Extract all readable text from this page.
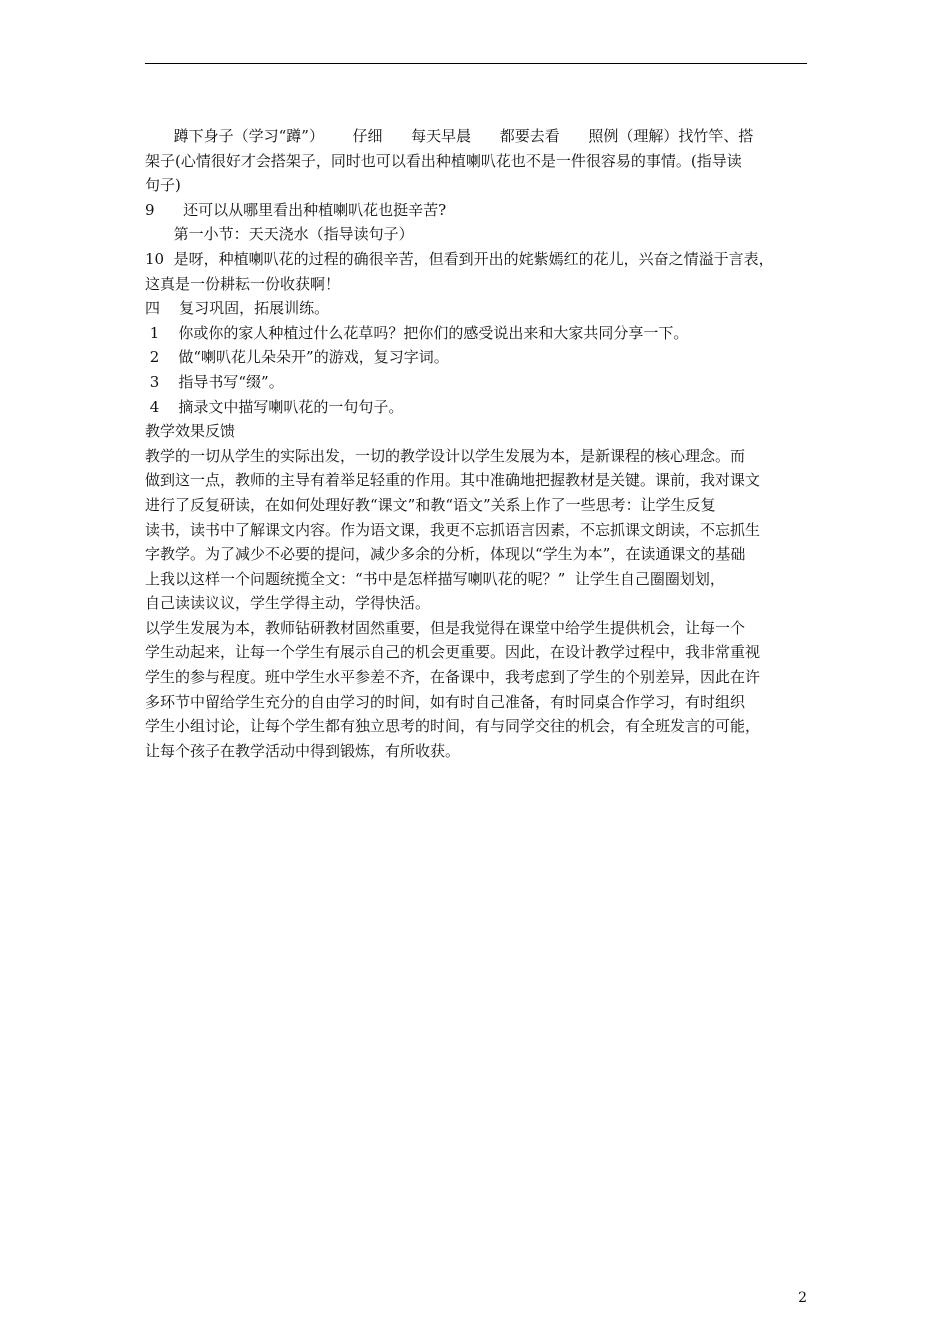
蹲下身子（学习“蹲”）      仔细      每天早晨      都要去看      照例（理解）找竹竿、搭
架子(心情很好才会搭架子，同时也可以看出种植喇叭花也不是一件很容易的事情。(指导读
句子)
9      还可以从哪里看出种植喇叭花也挺辛苦?
第一小节：天天浇水（指导读句子）
10  是呀，种植喇叭花的过程的确很辛苦，但看到开出的姹紫嫣红的花儿，兴奋之情溢于言表，
这真是一份耕耘一份收获啊！
四    复习巩固，拓展训练。
1    你或你的家人种植过什么花草吗？把你们的感受说出来和大家共同分享一下。
2    做“喇叭花儿朵朵开”的游戏，复习字词。
3    指导书写“缀”。
4    摘录文中描写喇叭花的一句句子。
教学效果反馈
教学的一切从学生的实际出发，一切的教学设计以学生发展为本，是新课程的核心理念。而
做到这一点，教师的主导有着举足轻重的作用。其中准确地把握教材是关键。课前，我对课文
进行了反复研读，在如何处理好教“课文”和教“语文”关系上作了一些思考：让学生反复
读书，读书中了解课文内容。作为语文课，我更不忘抓语言因素，不忘抓课文朗读，不忘抓生
字教学。为了减少不必要的提问，减少多余的分析，体现以“学生为本”，在读通课文的基础
上我以这样一个问题统揽全文：“书中是怎样描写喇叭花的呢？”  让学生自己圈圈划划，
自己读读议议，学生学得主动，学得快活。
以学生发展为本，教师钻研教材固然重要，但是我觉得在课堂中给学生提供机会，让每一个
学生动起来，让每一个学生有展示自己的机会更重要。因此，在设计教学过程中，我非常重视
学生的参与程度。班中学生水平参差不齐，在备课中，我考虑到了学生的个别差异，因此在许
多环节中留给学生充分的自由学习的时间，如有时自己准备，有时同桌合作学习，有时组织
学生小组讨论，让每个学生都有独立思考的时间，有与同学交往的机会，有全班发言的可能，
让每个孩子在教学活动中得到锻炼，有所收获。
2
